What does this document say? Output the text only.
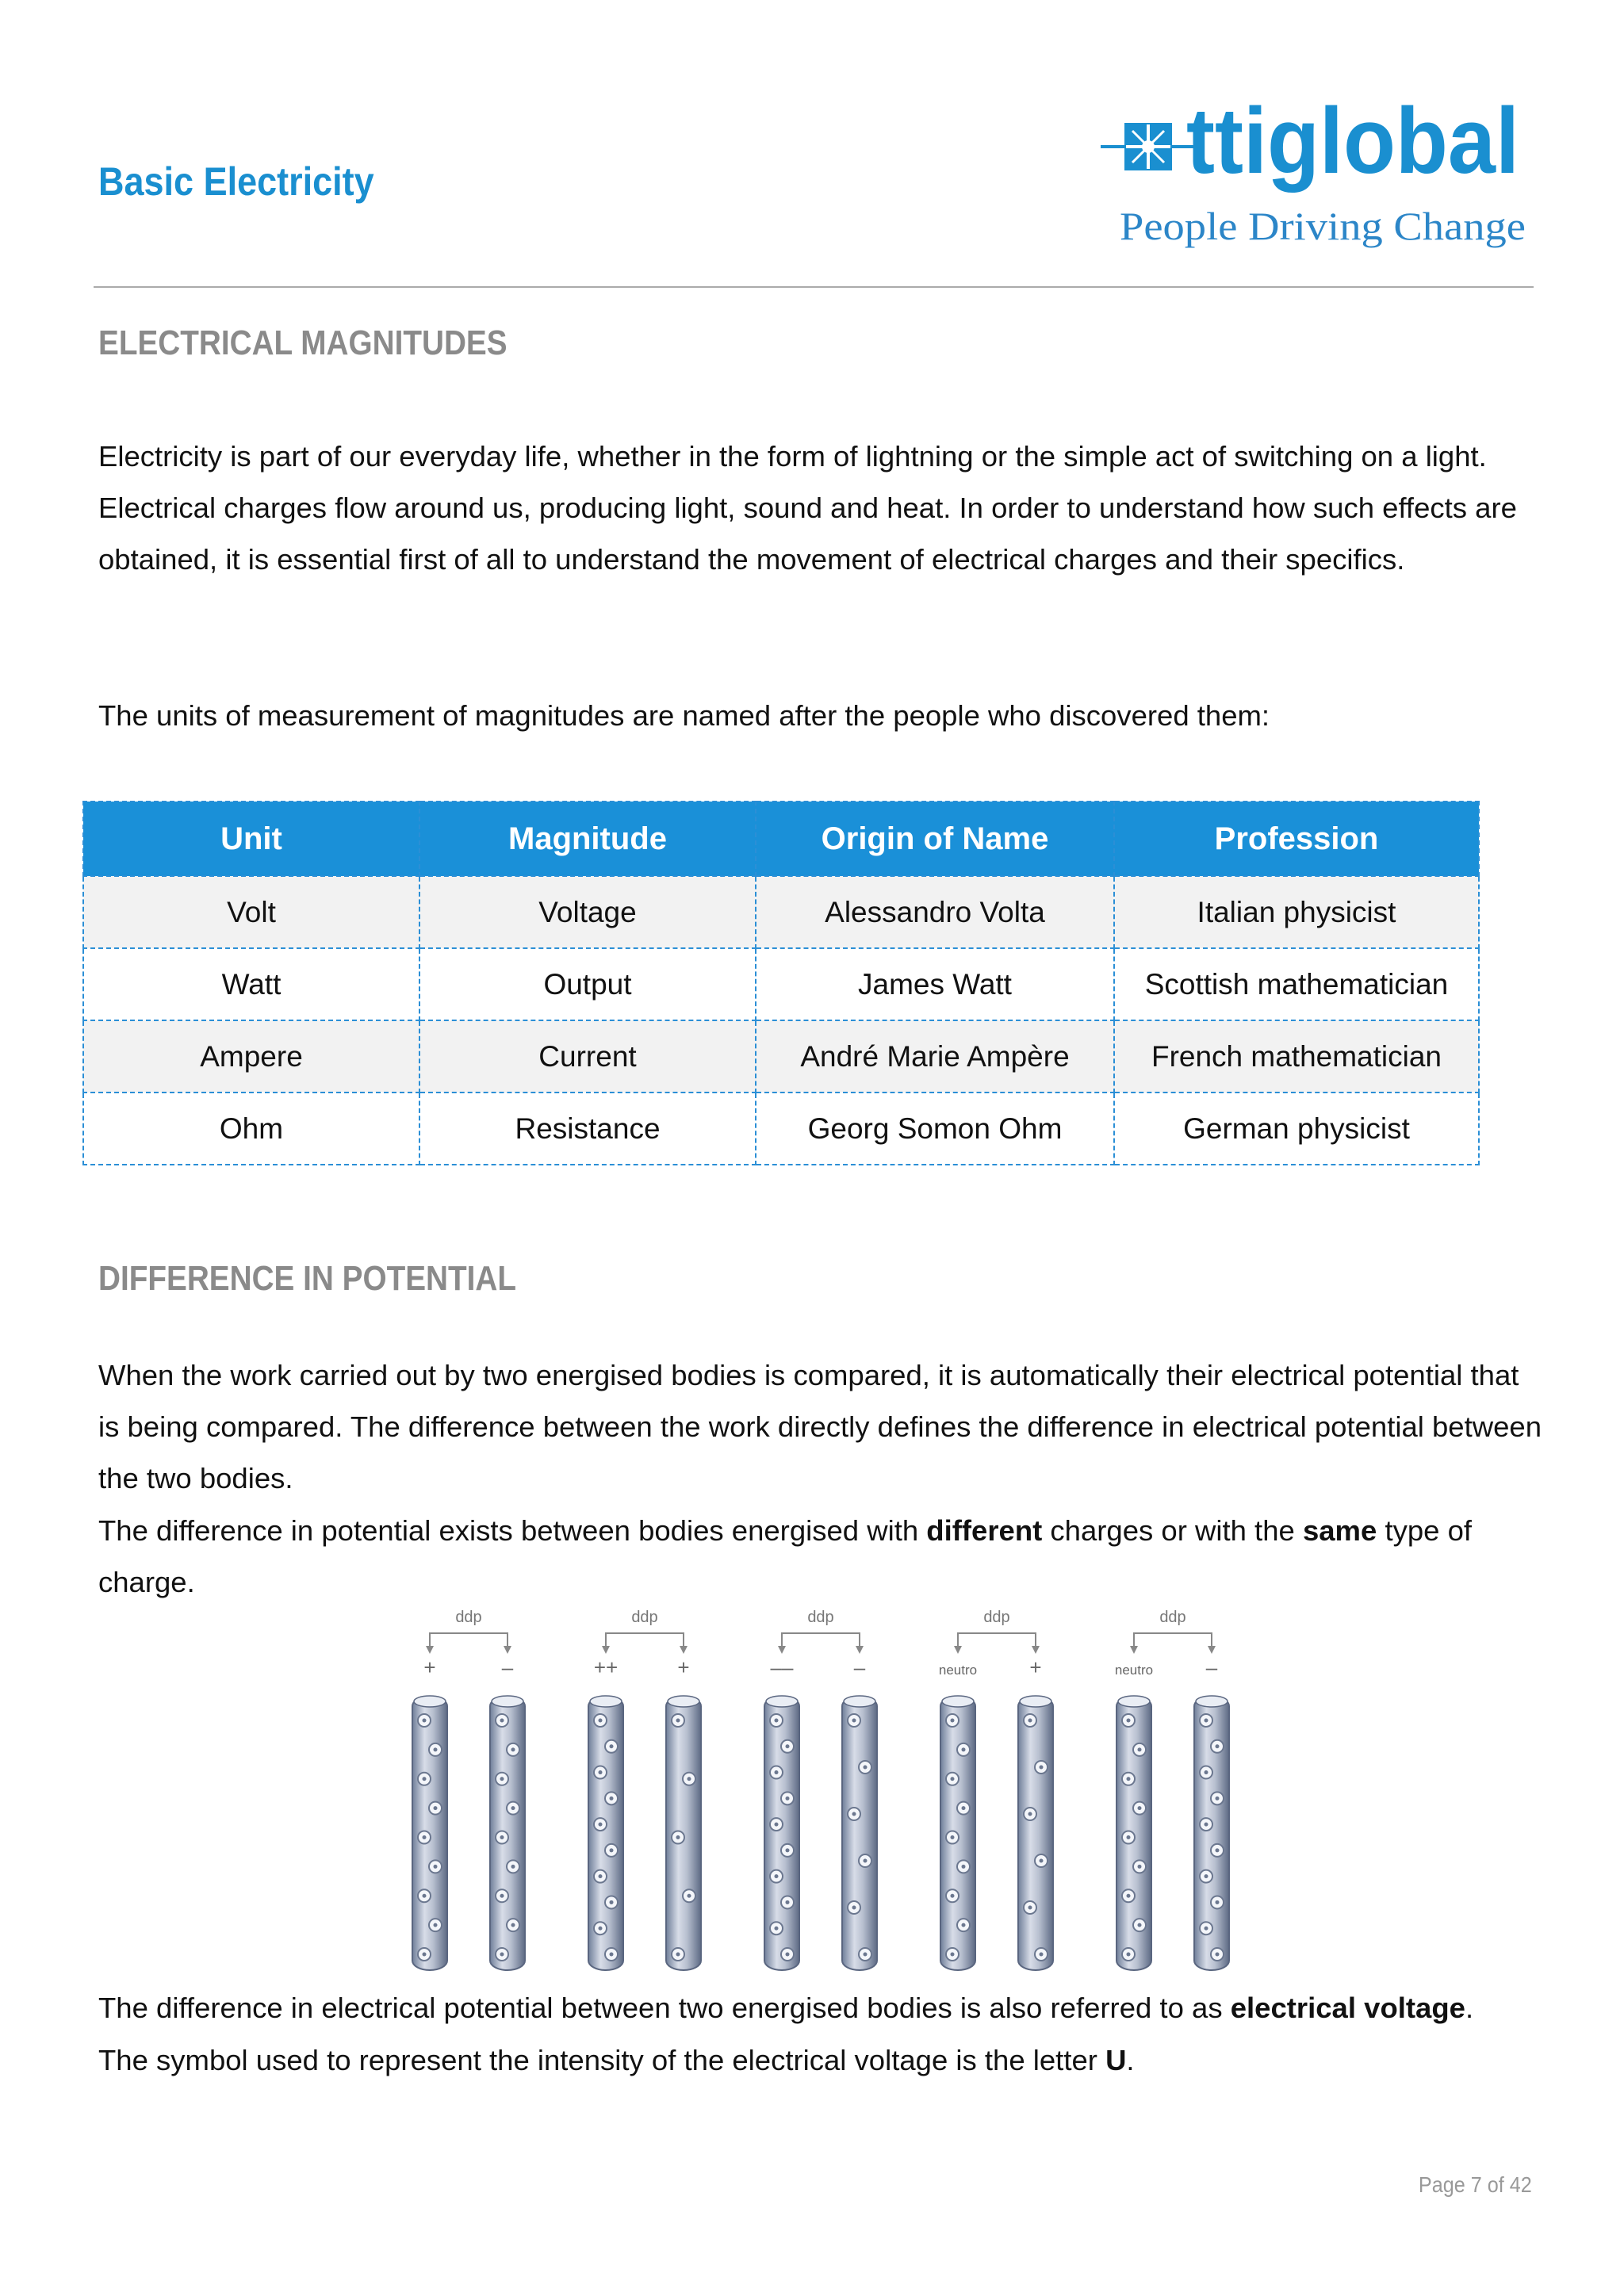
Basic Electricity	ttiglobal
People Driving Change
ELECTRICAL MAGNITUDES
Electricity is part of our everyday life, whether in the form of lightning or the simple act of switching on a light. Electrical charges flow around us, producing light, sound and heat. In order to understand how such effects are obtained, it is essential first of all to understand the movement of electrical charges and their specifics.
The units of measurement of magnitudes are named after the people who discovered them:
Unit	Magnitude	Origin of Name	Profession
Volt	Voltage	Alessandro Volta	Italian physicist
Watt	Output	James Watt	Scottish mathematician
Ampere	Current	André Marie Ampère	French mathematician
Ohm	Resistance	Georg Somon Ohm	German physicist
DIFFERENCE IN POTENTIAL
When the work carried out by two energised bodies is compared, it is automatically their electrical potential that is being compared. The difference between the work directly defines the difference in electrical potential between the two bodies.
The difference in potential exists between bodies energised with different charges or with the same type of charge.
ddp
+	–
ddp
++	+
ddp
––	–
ddp
neutro	+
ddp
neutro	–
The difference in electrical potential between two energised bodies is also referred to as electrical voltage.
The symbol used to represent the intensity of the electrical voltage is the letter U.
Page 7 of 42
